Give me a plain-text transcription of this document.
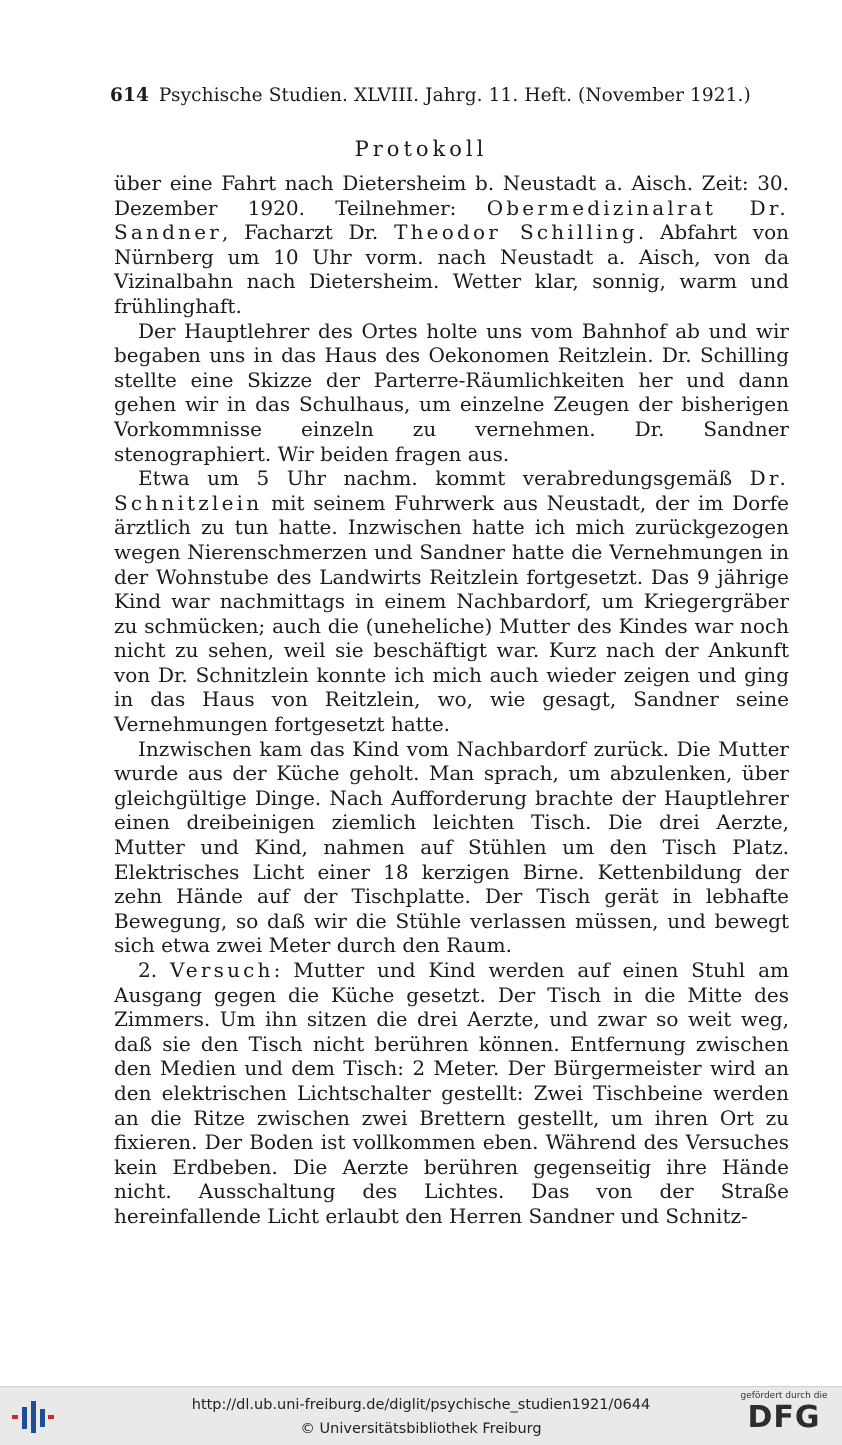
614 Psychische Studien. XLVIII. Jahrg. 11. Heft. (November 1921.)
Protokoll

über eine Fahrt nach Dietersheim b. Neustadt a. Aisch. Zeit: 30. Dezember 1920. Teilnehmer: Obermedizinalrat Dr. Sandner, Facharzt Dr. Theodor Schilling. Abfahrt von Nürnberg um 10 Uhr vorm. nach Neustadt a. Aisch, von da Vizinalbahn nach Dietersheim. Wetter klar, sonnig, warm und frühlinghaft.

Der Hauptlehrer des Ortes holte uns vom Bahnhof ab und wir begaben uns in das Haus des Oekonomen Reitzlein. Dr. Schilling stellte eine Skizze der Parterre-Räumlichkeiten her und dann gehen wir in das Schulhaus, um einzelne Zeugen der bisherigen Vorkommnisse einzeln zu vernehmen. Dr. Sandner stenographiert. Wir beiden fragen aus.

Etwa um 5 Uhr nachm. kommt verabredungsgemäß Dr. Schnitzlein mit seinem Fuhrwerk aus Neustadt, der im Dorfe ärztlich zu tun hatte. Inzwischen hatte ich mich zurückgezogen wegen Nierenschmerzen und Sandner hatte die Vernehmungen in der Wohnstube des Landwirts Reitzlein fortgesetzt. Das 9 jährige Kind war nachmittags in einem Nachbardorf, um Kriegergräber zu schmücken; auch die (uneheliche) Mutter des Kindes war noch nicht zu sehen, weil sie beschäftigt war. Kurz nach der Ankunft von Dr. Schnitzlein konnte ich mich auch wieder zeigen und ging in das Haus von Reitzlein, wo, wie gesagt, Sandner seine Vernehmungen fortgesetzt hatte.

Inzwischen kam das Kind vom Nachbardorf zurück. Die Mutter wurde aus der Küche geholt. Man sprach, um abzulenken, über gleichgültige Dinge. Nach Aufforderung brachte der Hauptlehrer einen dreibeinigen ziemlich leichten Tisch. Die drei Aerzte, Mutter und Kind, nahmen auf Stühlen um den Tisch Platz. Elektrisches Licht einer 18 kerzigen Birne. Kettenbildung der zehn Hände auf der Tischplatte. Der Tisch gerät in lebhafte Bewegung, so daß wir die Stühle verlassen müssen, und bewegt sich etwa zwei Meter durch den Raum.

2. Versuch: Mutter und Kind werden auf einen Stuhl am Ausgang gegen die Küche gesetzt. Der Tisch in die Mitte des Zimmers. Um ihn sitzen die drei Aerzte, und zwar so weit weg, daß sie den Tisch nicht berühren können. Entfernung zwischen den Medien und dem Tisch: 2 Meter. Der Bürgermeister wird an den elektrischen Lichtschalter gestellt: Zwei Tischbeine werden an die Ritze zwischen zwei Brettern gestellt, um ihren Ort zu fixieren. Der Boden ist vollkommen eben. Während des Versuches kein Erdbeben. Die Aerzte berühren gegenseitig ihre Hände nicht. Ausschaltung des Lichtes. Das von der Straße hereinfallende Licht erlaubt den Herren Sandner und Schnitz-

http://dl.ub.uni-freiburg.de/diglit/psychische_studien1921/0644
© Universitätsbibliothek Freiburg
gefördert durch die
DFG
